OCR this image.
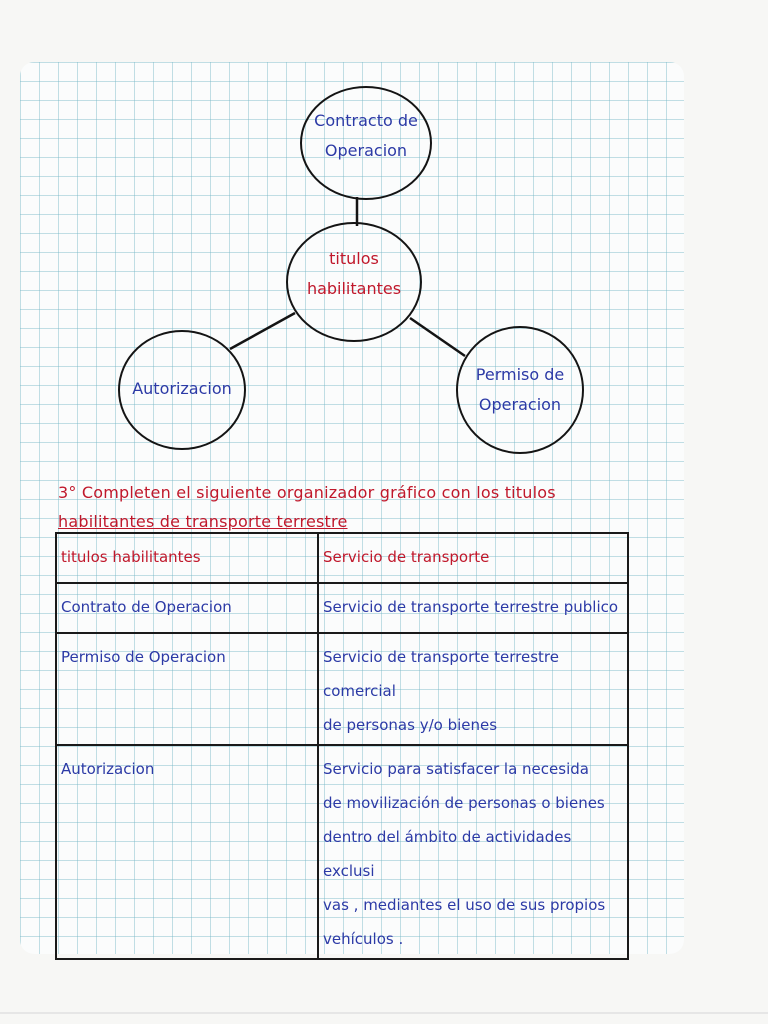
Contracto de
Operacion
titulos
habilitantes
Autorizacion
Permiso de
Operacion
3° Completen el siguiente organizador gráfico con los titulos
habilitantes de transporte terrestre
titulos habilitantes	Servicio de transporte
Contrato de Operacion	Servicio de transporte terrestre publico
Permiso de Operacion	Servicio de transporte terrestre comercial
de personas y/o bienes
Autorizacion	Servicio para satisfacer la necesida
de movilización de personas o bienes
dentro del ámbito de actividades exclusi
vas , mediantes el uso de sus propios
vehículos .
